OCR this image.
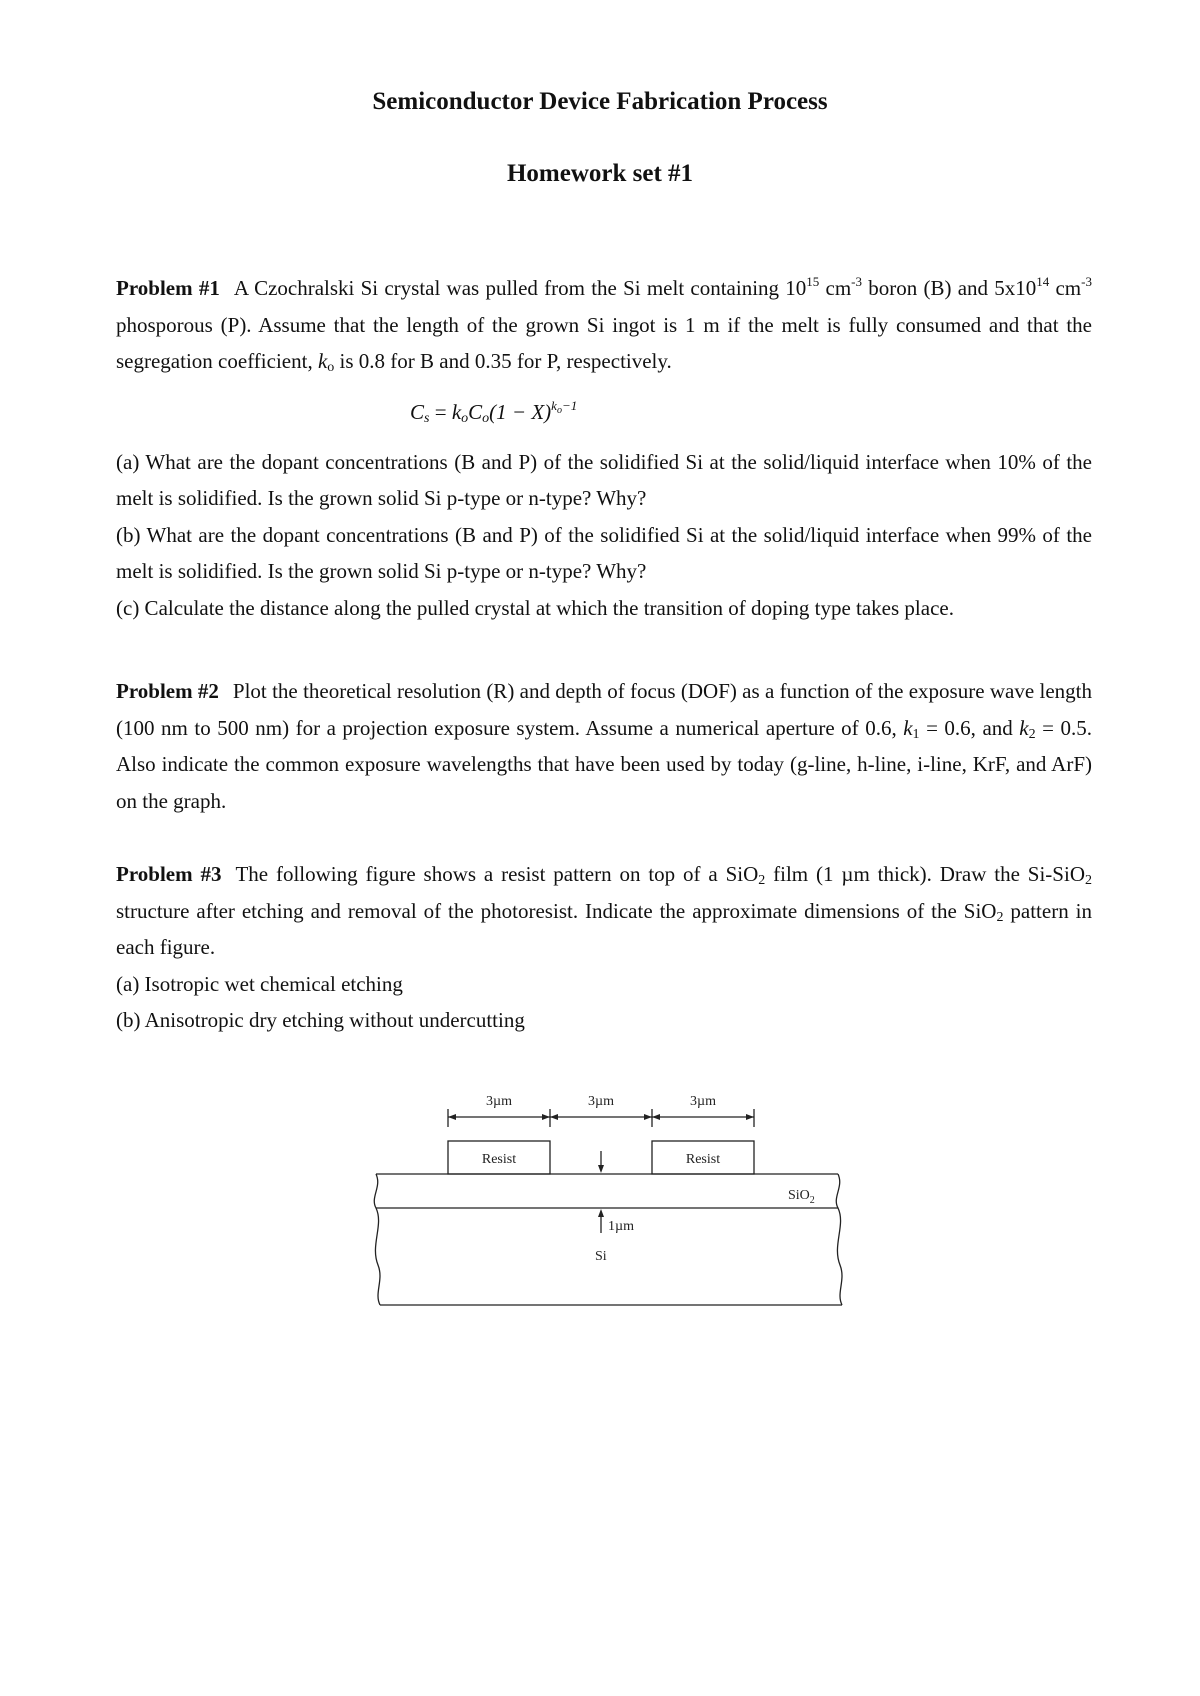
Semiconductor Device Fabrication Process
Homework set #1

Problem #1 A Czochralski Si crystal was pulled from the Si melt containing $10^{15}$ $cm^{-3}$ boron (B) and $5x10^{14}$ $cm^{-3}$ phosporous (P). Assume that the length of the grown Si ingot is 1 m if the melt is fully consumed and that the segregation coefficient, $k_o$ is 0.8 for B and 0.35 for P, respectively.

$C_s = k_oC_o(1 - X)^{k_o-1}$

(a) What are the dopant concentrations (B and P) of the solidified Si at the solid/liquid interface when 10% of the melt is solidified. Is the grown solid Si p-type or n-type? Why?

(b) What are the dopant concentrations (B and P) of the solidified Si at the solid/liquid interface when 99% of the melt is solidified. Is the grown solid Si p-type or n-type? Why?

(c) Calculate the distance along the pulled crystal at which the transition of doping type takes place.

Problem #2 Plot the theoretical resolution (R) and depth of focus (DOF) as a function of the exposure wave length (100 nm to 500 nm) for a projection exposure system. Assume a numerical aperture of 0.6, $k_1 = 0.6$, and $k_2 = 0.5$. Also indicate the common exposure wavelengths that have been used by today (g-line, h-line, i-line, KrF, and ArF) on the graph.

Problem #3 The following figure shows a resist pattern on top of a SiO$_2$ film (1 µm thick). Draw the Si-SiO$_2$ structure after etching and removal of the photoresist. Indicate the approximate dimensions of the SiO$_2$ pattern in each figure.

(a) Isotropic wet chemical etching

(b) Anisotropic dry etching without undercutting

3µm	3µm	3µm
Resist	Resist
SiO$_2$
1µm
Si
